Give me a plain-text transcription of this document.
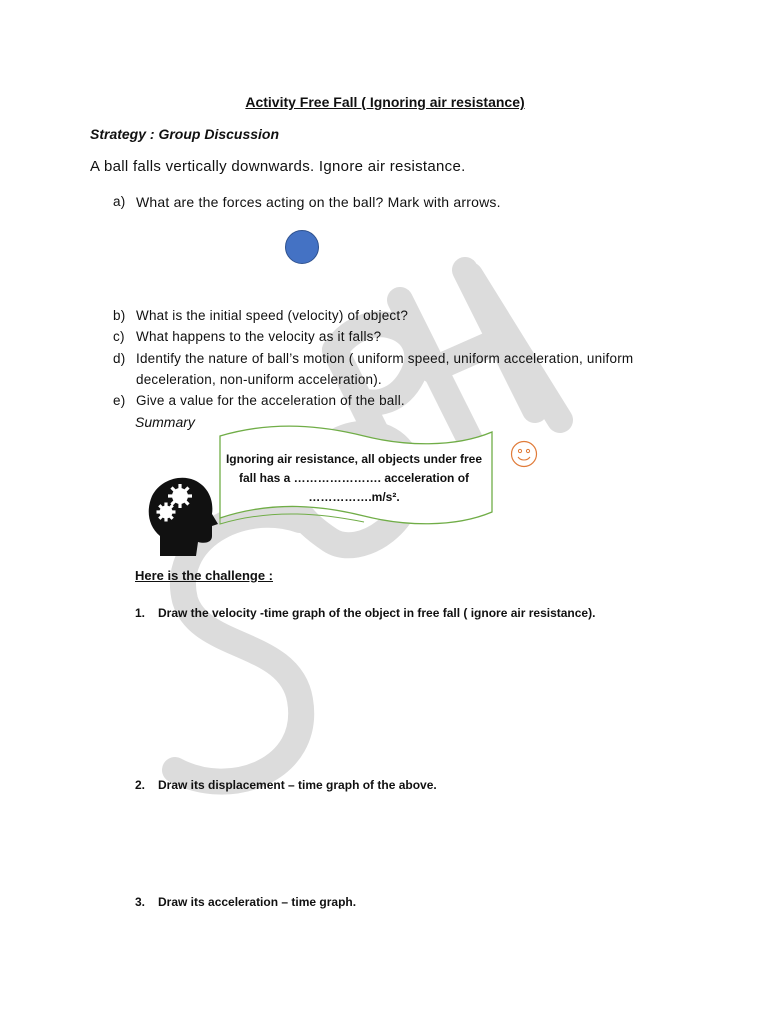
Activity Free Fall ( Ignoring air resistance)
Strategy : Group Discussion
A ball falls vertically downwards. Ignore air resistance.
a) What are the forces acting on the ball? Mark with arrows.
b) What is the initial speed (velocity) of object?
c) What happens to the velocity as it falls?
d) Identify the nature of ball’s motion ( uniform speed, uniform acceleration, uniform
deceleration, non-uniform acceleration).
e) Give a value for the acceleration of the ball.
Summary
Ignoring air resistance, all objects under free
fall has a …………………. acceleration of
…………….m/s².
Here is the challenge :
1. Draw the velocity -time graph of the object in free fall ( ignore air resistance).
2. Draw its displacement – time graph of the above.
3. Draw its acceleration – time graph.
